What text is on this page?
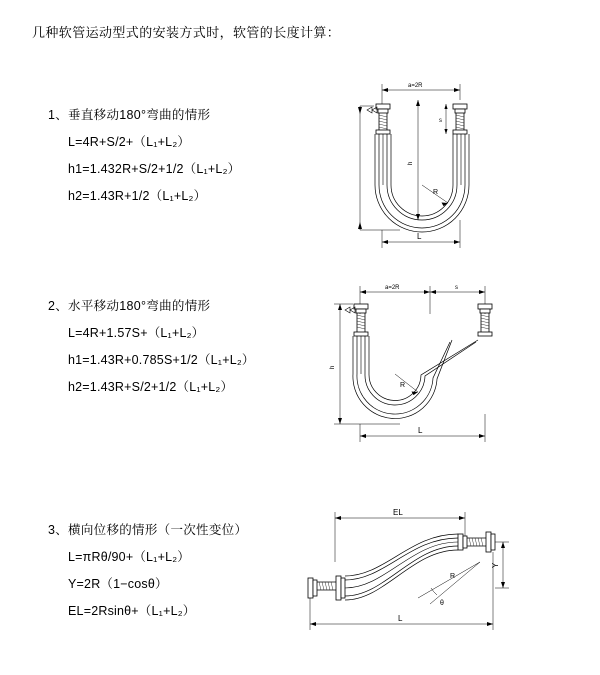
几种软管运动型式的安装方式时，软管的长度计算：
1、垂直移动180°弯曲的情形
L=4R+S/2+（L₁+L₂）
h1=1.432R+S/2+1/2（L₁+L₂）
h2=1.43R+1/2（L₁+L₂）
a=2R
R
h
L
s
2、水平移动180°弯曲的情形
L=4R+1.57S+（L₁+L₂）
h1=1.43R+0.785S+1/2（L₁+L₂）
h2=1.43R+S/2+1/2（L₁+L₂）
a=2R	s
R
h
L
3、横向位移的情形（一次性变位）
L=πRθ/90+（L₁+L₂）
Y=2R（1−cosθ）
EL=2Rsinθ+（L₁+L₂）
EL
Y
θ
R
L
